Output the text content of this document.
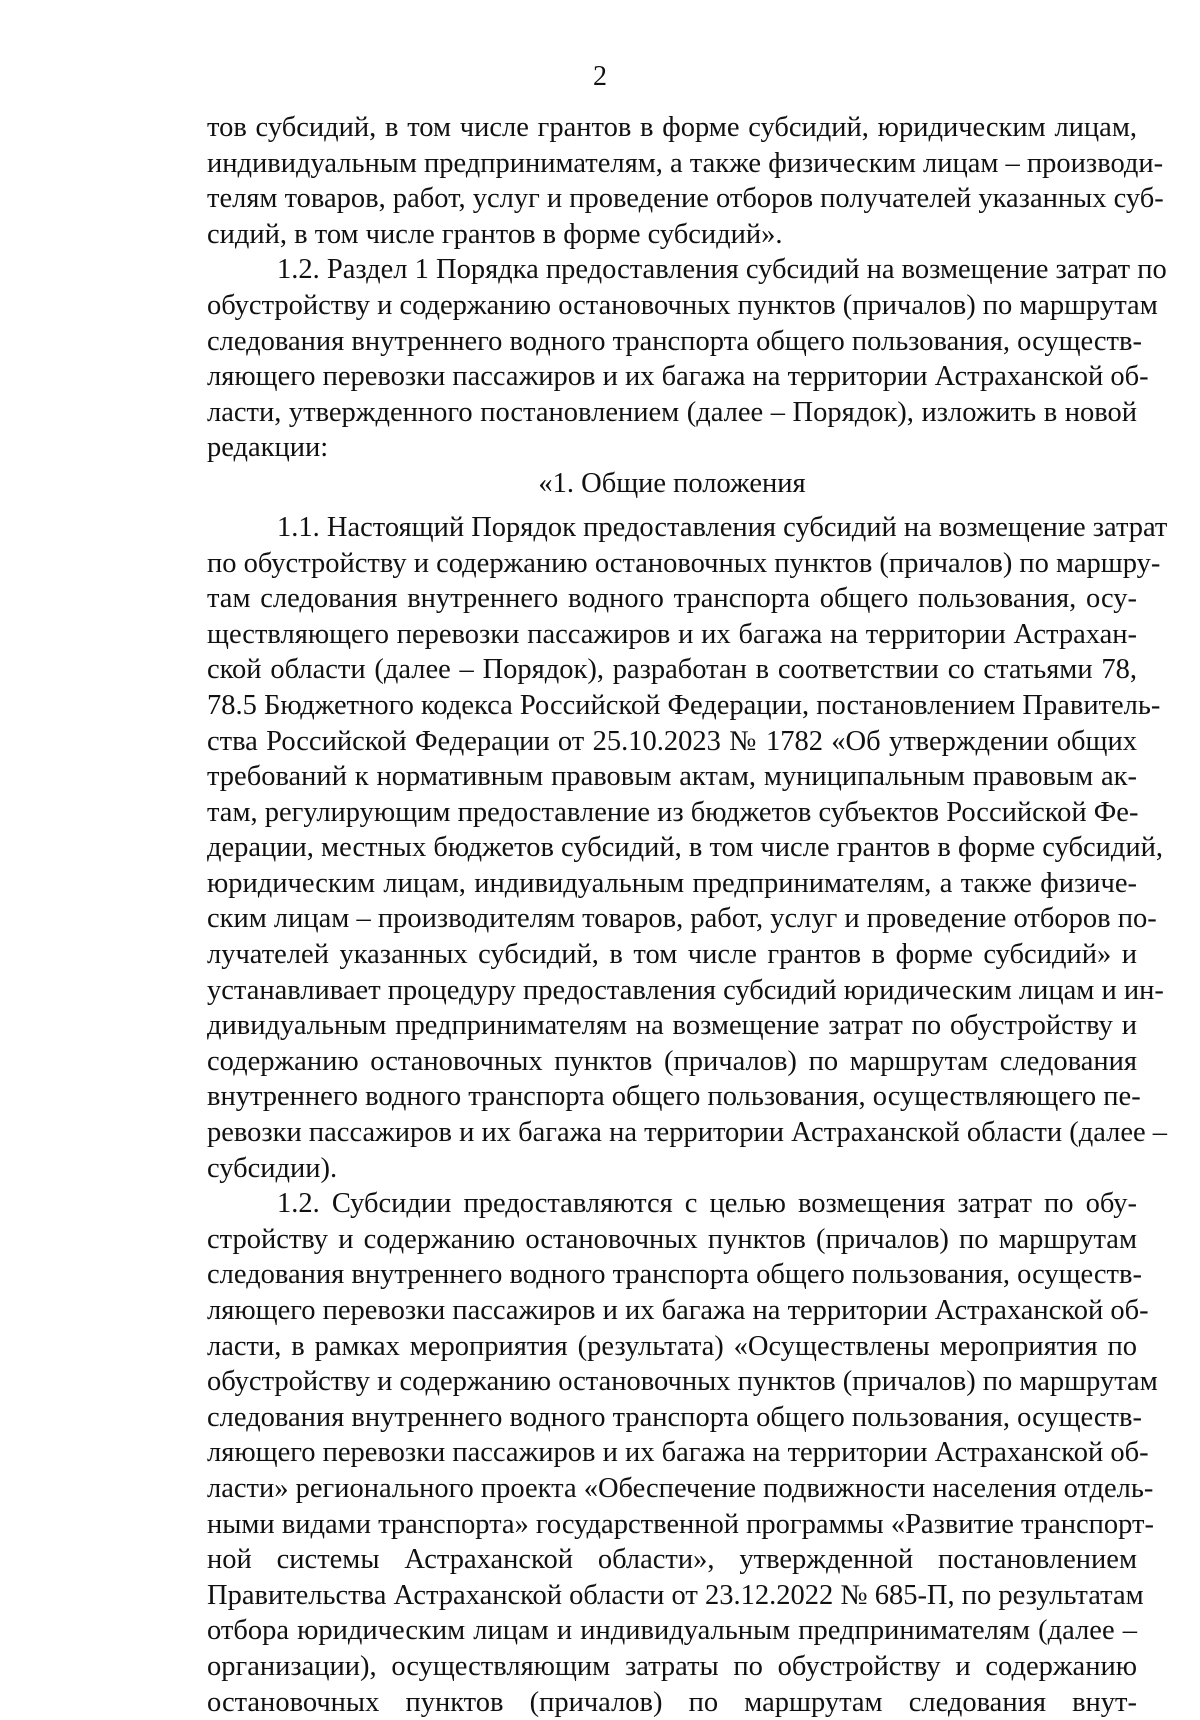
2
тов субсидий, в том числе грантов в форме субсидий, юридическим лицам,
индивидуальным предпринимателям, а также физическим лицам – производи-
телям товаров, работ, услуг и проведение отборов получателей указанных суб-
сидий, в том числе грантов в форме субсидий».
1.2. Раздел 1 Порядка предоставления субсидий на возмещение затрат по
обустройству и содержанию остановочных пунктов (причалов) по маршрутам
следования внутреннего водного транспорта общего пользования, осуществ-
ляющего перевозки пассажиров и их багажа на территории Астраханской об-
ласти, утвержденного постановлением (далее – Порядок), изложить в новой
редакции:
«1. Общие положения
1.1. Настоящий Порядок предоставления субсидий на возмещение затрат
по обустройству и содержанию остановочных пунктов (причалов) по маршру-
там следования внутреннего водного транспорта общего пользования, осу-
ществляющего перевозки пассажиров и их багажа на территории Астрахан-
ской области (далее – Порядок), разработан в соответствии со статьями 78,
78.5 Бюджетного кодекса Российской Федерации, постановлением Правитель-
ства Российской Федерации от 25.10.2023 № 1782 «Об утверждении общих
требований к нормативным правовым актам, муниципальным правовым ак-
там, регулирующим предоставление из бюджетов субъектов Российской Фе-
дерации, местных бюджетов субсидий, в том числе грантов в форме субсидий,
юридическим лицам, индивидуальным предпринимателям, а также физиче-
ским лицам – производителям товаров, работ, услуг и проведение отборов по-
лучателей указанных субсидий, в том числе грантов в форме субсидий» и
устанавливает процедуру предоставления субсидий юридическим лицам и ин-
дивидуальным предпринимателям на возмещение затрат по обустройству и
содержанию остановочных пунктов (причалов) по маршрутам следования
внутреннего водного транспорта общего пользования, осуществляющего пе-
ревозки пассажиров и их багажа на территории Астраханской области (далее –
субсидии).
1.2. Субсидии предоставляются с целью возмещения затрат по обу-
стройству и содержанию остановочных пунктов (причалов) по маршрутам
следования внутреннего водного транспорта общего пользования, осуществ-
ляющего перевозки пассажиров и их багажа на территории Астраханской об-
ласти, в рамках мероприятия (результата) «Осуществлены мероприятия по
обустройству и содержанию остановочных пунктов (причалов) по маршрутам
следования внутреннего водного транспорта общего пользования, осуществ-
ляющего перевозки пассажиров и их багажа на территории Астраханской об-
ласти» регионального проекта «Обеспечение подвижности населения отдель-
ными видами транспорта» государственной программы «Развитие транспорт-
ной системы Астраханской области», утвержденной постановлением
Правительства Астраханской области от 23.12.2022 № 685-П, по результатам
отбора юридическим лицам и индивидуальным предпринимателям (далее –
организации), осуществляющим затраты по обустройству и содержанию
остановочных пунктов (причалов) по маршрутам следования внут-
